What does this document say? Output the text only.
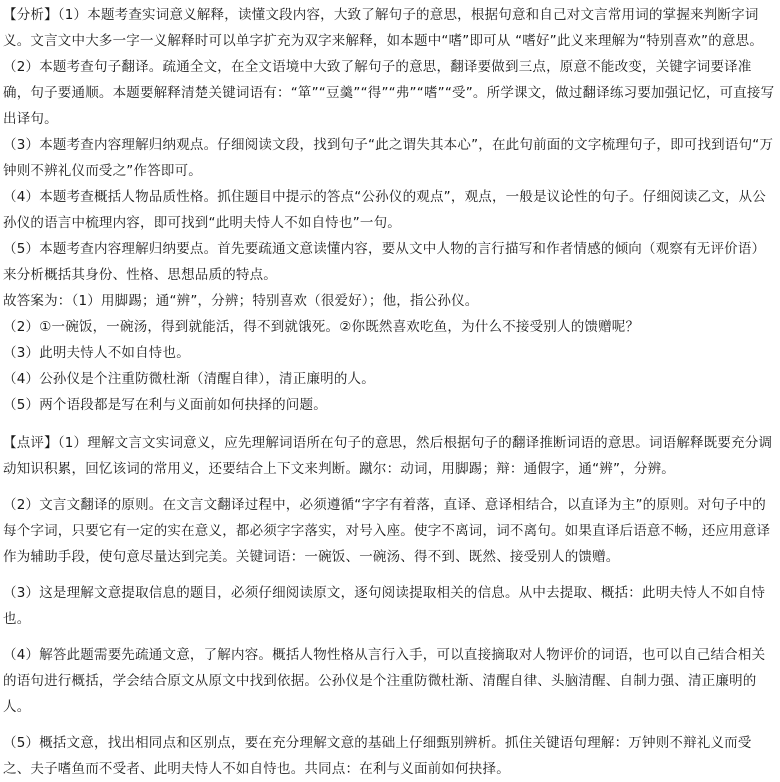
【分析】（1）本题考查实词意义解释，读懂文段内容，大致了解句子的意思，根据句意和自己对文言常用词的掌握来判断字词义。文言文中大多一字一义解释时可以单字扩充为双字来解释，如本题中“嗜”即可从 “嗜好”此义来理解为“特别喜欢”的意思。

（2）本题考查句子翻译。疏通全文，在全文语境中大致了解句子的意思，翻译要做到三点，原意不能改变，关键字词要译准确，句子要通顺。本题要解释清楚关键词语有：“箪”“豆羹”“得”“弗”“嗜”“受”。所学课文，做过翻译练习要加强记忆，可直接写出译句。

（3）本题考查内容理解归纳观点。仔细阅读文段，找到句子“此之谓失其本心”，在此句前面的文字梳理句子，即可找到语句“万钟则不辨礼仪而受之”作答即可。

（4）本题考查概括人物品质性格。抓住题目中提示的答点“公孙仪的观点”，观点，一般是议论性的句子。仔细阅读乙文，从公孙仪的语言中梳理内容，即可找到“此明夫恃人不如自恃也”一句。

（5）本题考查内容理解归纳要点。首先要疏通文意读懂内容，要从文中人物的言行描写和作者情感的倾向（观察有无评价语）来分析概括其身份、性格、思想品质的特点。

故答案为：（1）用脚踢；通“辨”，分辨；特别喜欢（很爱好）；他，指公孙仪。

（2）①一碗饭，一碗汤，得到就能活，得不到就饿死。②你既然喜欢吃鱼，为什么不接受别人的馈赠呢？

（3）此明夫恃人不如自恃也。

（4）公孙仪是个注重防微杜渐（清醒自律），清正廉明的人。

（5）两个语段都是写在利与义面前如何抉择的问题。

【点评】（1）理解文言文实词意义，应先理解词语所在句子的意思，然后根据句子的翻译推断词语的意思。词语解释既要充分调动知识积累，回忆该词的常用义，还要结合上下文来判断。蹴尔：动词，用脚踢；辩：通假字，通“辨”，分辨。

（2）文言文翻译的原则。在文言文翻译过程中，必须遵循“字字有着落，直译、意译相结合，以直译为主”的原则。对句子中的每个字词，只要它有一定的实在意义，都必须字字落实，对号入座。使字不离词，词不离句。如果直译后语意不畅，还应用意译作为辅助手段，使句意尽量达到完美。关键词语：一碗饭、一碗汤、得不到、既然、接受别人的馈赠。

（3）这是理解文意提取信息的题目，必须仔细阅读原文，逐句阅读提取相关的信息。从中去提取、概括：此明夫恃人不如自恃也。

（4）解答此题需要先疏通文意，了解内容。概括人物性格从言行入手，可以直接摘取对人物评价的词语，也可以自己结合相关的语句进行概括，学会结合原文从原文中找到依据。公孙仪是个注重防微杜渐、清醒自律、头脑清醒、自制力强、清正廉明的人。

（5）概括文意，找出相同点和区别点，要在充分理解文意的基础上仔细甄别辨析。抓住关键语句理解：万钟则不辩礼义而受之、夫子嗜鱼而不受者、此明夫恃人不如自恃也。共同点：在利与义面前如何抉择。
